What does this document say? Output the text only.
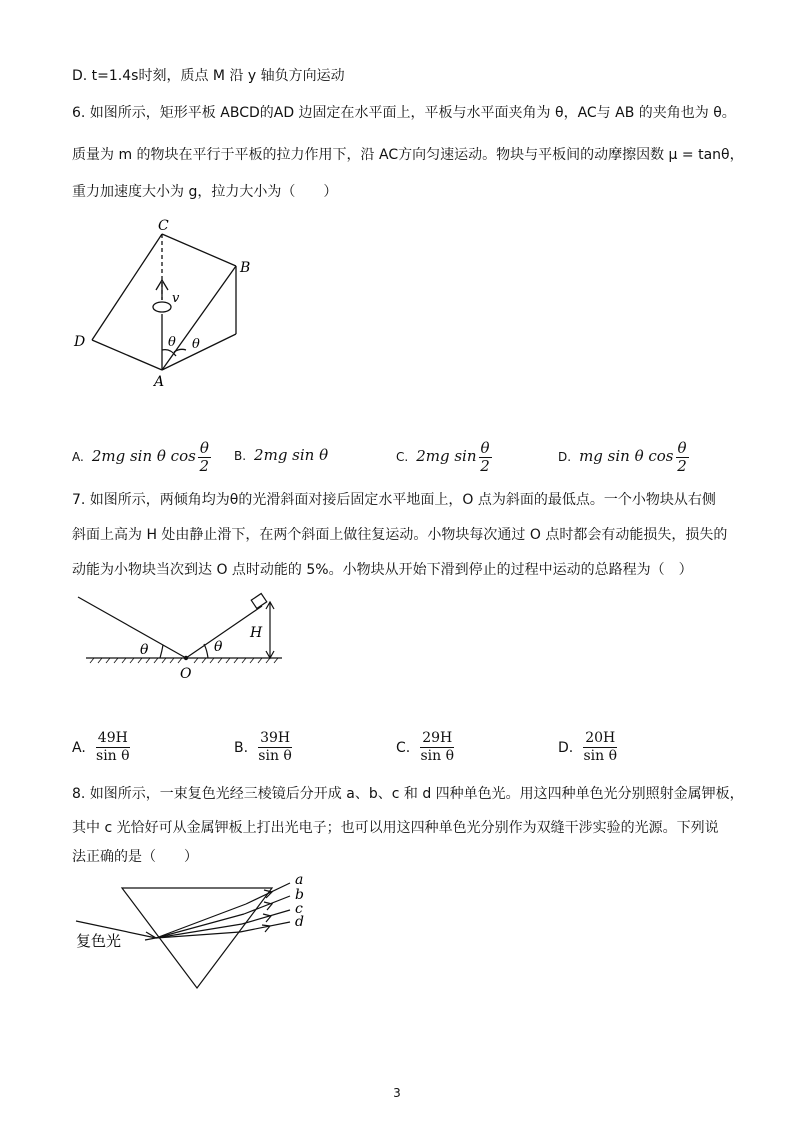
D. t=1.4s时刻，质点 M 沿 y 轴负方向运动
6. 如图所示，矩形平板 ABCD的AD 边固定在水平面上，平板与水平面夹角为 θ，AC与 AB 的夹角也为 θ。
质量为 m 的物块在平行于平板的拉力作用下，沿 AC方向匀速运动。物块与平板间的动摩擦因数 μ = tanθ，
重力加速度大小为 g，拉力大小为（　　）
C
B
D
A
v
θ θ
A. 2mg sin θ $\cos \frac{\theta}{2} B$. 2mg sin θ	C. 2mg $\sin \frac{\theta}{2}$	D. mg sin θ $\cos \frac{\theta}{2}$
7. 如图所示，两倾角均为θ的光滑斜面对接后固定水平地面上，O 点为斜面的最低点。一个小物块从右侧
斜面上高为 H 处由静止滑下，在两个斜面上做往复运动。小物块每次通过 O 点时都会有动能损失，损失的
动能为小物块当次到达 O 点时动能的 5%。小物块从开始下滑到停止的过程中运动的总路程为（　）
θ	θ
O
H
A. $\frac{49H}{\text{sin θ}}$	B. $\frac{39H}{\text{sin θ}}$	C. $\frac{29H}{\text{sin θ}}$	D. $\frac{20H}{\text{sin θ}}$
8. 如图所示，一束复色光经三棱镜后分开成 a、b、c 和 d 四种单色光。用这四种单色光分别照射金属钾板，
其中 c 光恰好可从金属钾板上打出光电子；也可以用这四种单色光分别作为双缝干涉实验的光源。下列说
法正确的是（　　）
a
b
c
d
复色光
3
